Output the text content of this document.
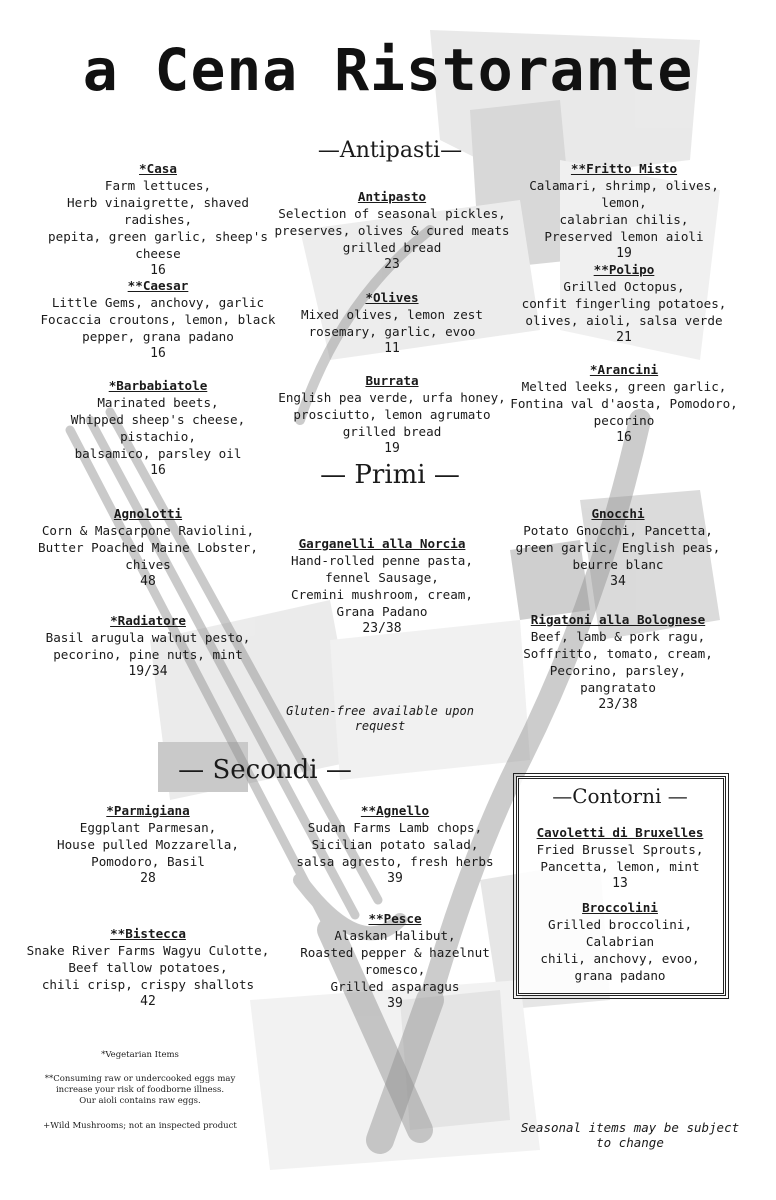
a Cena Ristorante
—Antipasti—
— Primi —
— Secondi —
*Casa
Farm lettuces,
Herb vinaigrette, shaved radishes,
pepita, green garlic, sheep's
cheese
16
**Caesar
Little Gems, anchovy, garlic
Focaccia croutons, lemon, black
pepper, grana padano
16
*Barbabiatole
Marinated beets,
Whipped sheep's cheese, pistachio,
balsamico, parsley oil
16
Antipasto
Selection of seasonal pickles,
preserves, olives & cured meats
grilled bread
23
*Olives
Mixed olives, lemon zest
rosemary, garlic, evoo
11
Burrata
English pea verde, urfa honey,
prosciutto, lemon agrumato
grilled bread
19
**Fritto Misto
Calamari, shrimp, olives, lemon,
calabrian chilis,
Preserved lemon aioli
19
**Polipo
Grilled Octopus,
confit fingerling potatoes,
olives, aioli, salsa verde
21
*Arancini
Melted leeks, green garlic,
Fontina val d'aosta, Pomodoro,
pecorino
16
Agnolotti
Corn & Mascarpone Raviolini,
Butter Poached Maine Lobster,
chives
48
*Radiatore
Basil arugula walnut pesto,
pecorino, pine nuts, mint
19/34
Garganelli alla Norcia
Hand-rolled penne pasta,
fennel Sausage,
Cremini mushroom, cream,
Grana Padano
23/38
Gnocchi
Potato Gnocchi, Pancetta,
green garlic, English peas,
beurre blanc
34
Rigatoni alla Bolognese
Beef, lamb & pork ragu,
Soffritto, tomato, cream,
Pecorino, parsley,
pangratato
23/38
Gluten-free available upon
request
*Parmigiana
Eggplant Parmesan,
House pulled Mozzarella,
Pomodoro, Basil
28
**Bistecca
Snake River Farms Wagyu Culotte,
Beef tallow potatoes,
chili crisp, crispy shallots
42
**Agnello
Sudan Farms Lamb chops,
Sicilian potato salad,
salsa agresto, fresh herbs
39
**Pesce
Alaskan Halibut,
Roasted pepper & hazelnut romesco,
Grilled asparagus
39
—Contorni —
Cavoletti di Bruxelles
Fried Brussel Sprouts,
Pancetta, lemon, mint
13
Broccolini
Grilled broccolini, Calabrian
chili, anchovy, evoo,
grana padano
*Vegetarian Items
**Consuming raw or undercooked eggs may
increase your risk of foodborne illness.
Our aioli contains raw eggs.
+Wild Mushrooms; not an inspected product	Seasonal items may be subject
to change
